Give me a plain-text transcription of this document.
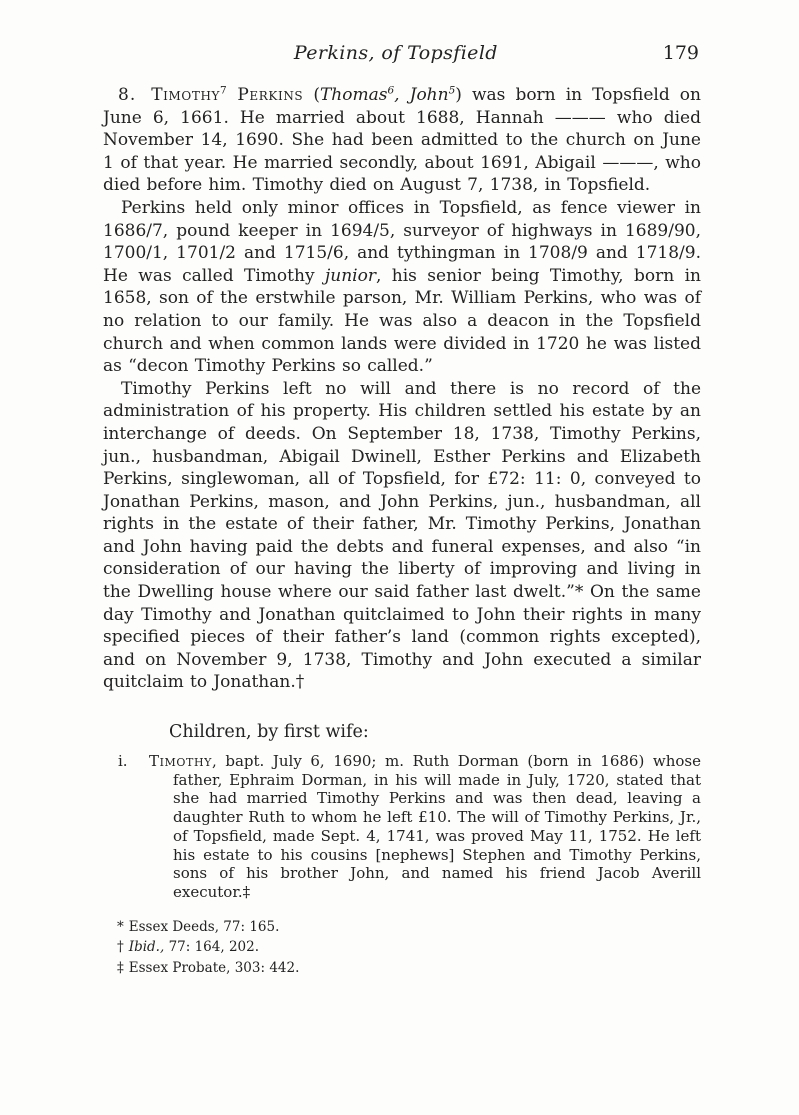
Perkins, of Topsfield	179

8. Timothy$^7$ Perkins (Thomas$^6$, John$^5$) was born in Topsfield on June 6, 1661. He married about 1688, Hannah ——— who died November 14, 1690. She had been admitted to the church on June 1 of that year. He married secondly, about 1691, Abigail ———, who died before him. Timothy died on August 7, 1738, in Topsfield.

Perkins held only minor offices in Topsfield, as fence viewer in 1686/7, pound keeper in 1694/5, surveyor of highways in 1689/90, 1700/1, 1701/2 and 1715/6, and tythingman in 1708/9 and 1718/9. He was called Timothy junior, his senior being Timothy, born in 1658, son of the erstwhile parson, Mr. William Perkins, who was of no relation to our family. He was also a deacon in the Topsfield church and when common lands were divided in 1720 he was listed as “decon Timothy Perkins so called.”

Timothy Perkins left no will and there is no record of the administration of his property. His children settled his estate by an interchange of deeds. On September 18, 1738, Timothy Perkins, jun., husbandman, Abigail Dwinell, Esther Perkins and Elizabeth Perkins, singlewoman, all of Topsfield, for £72: 11: 0, conveyed to Jonathan Perkins, mason, and John Perkins, jun., husbandman, all rights in the estate of their father, Mr. Timothy Perkins, Jonathan and John having paid the debts and funeral expenses, and also “in consideration of our having the liberty of improving and living in the Dwelling house where our said father last dwelt.”* On the same day Timothy and Jonathan quitclaimed to John their rights in many specified pieces of their father’s land (common rights excepted), and on November 9, 1738, Timothy and John executed a similar quitclaim to Jonathan.†

Children, by first wife:

i. Timothy, bapt. July 6, 1690; m. Ruth Dorman (born in 1686) whose father, Ephraim Dorman, in his will made in July, 1720, stated that she had married Timothy Perkins and was then dead, leaving a daughter Ruth to whom he left £10. The will of Timothy Perkins, Jr., of Topsfield, made Sept. 4, 1741, was proved May 11, 1752. He left his estate to his cousins [nephews] Stephen and Timothy Perkins, sons of his brother John, and named his friend Jacob Averill executor.‡

* Essex Deeds, 77: 165.

† Ibid., 77: 164, 202.

‡ Essex Probate, 303: 442.
